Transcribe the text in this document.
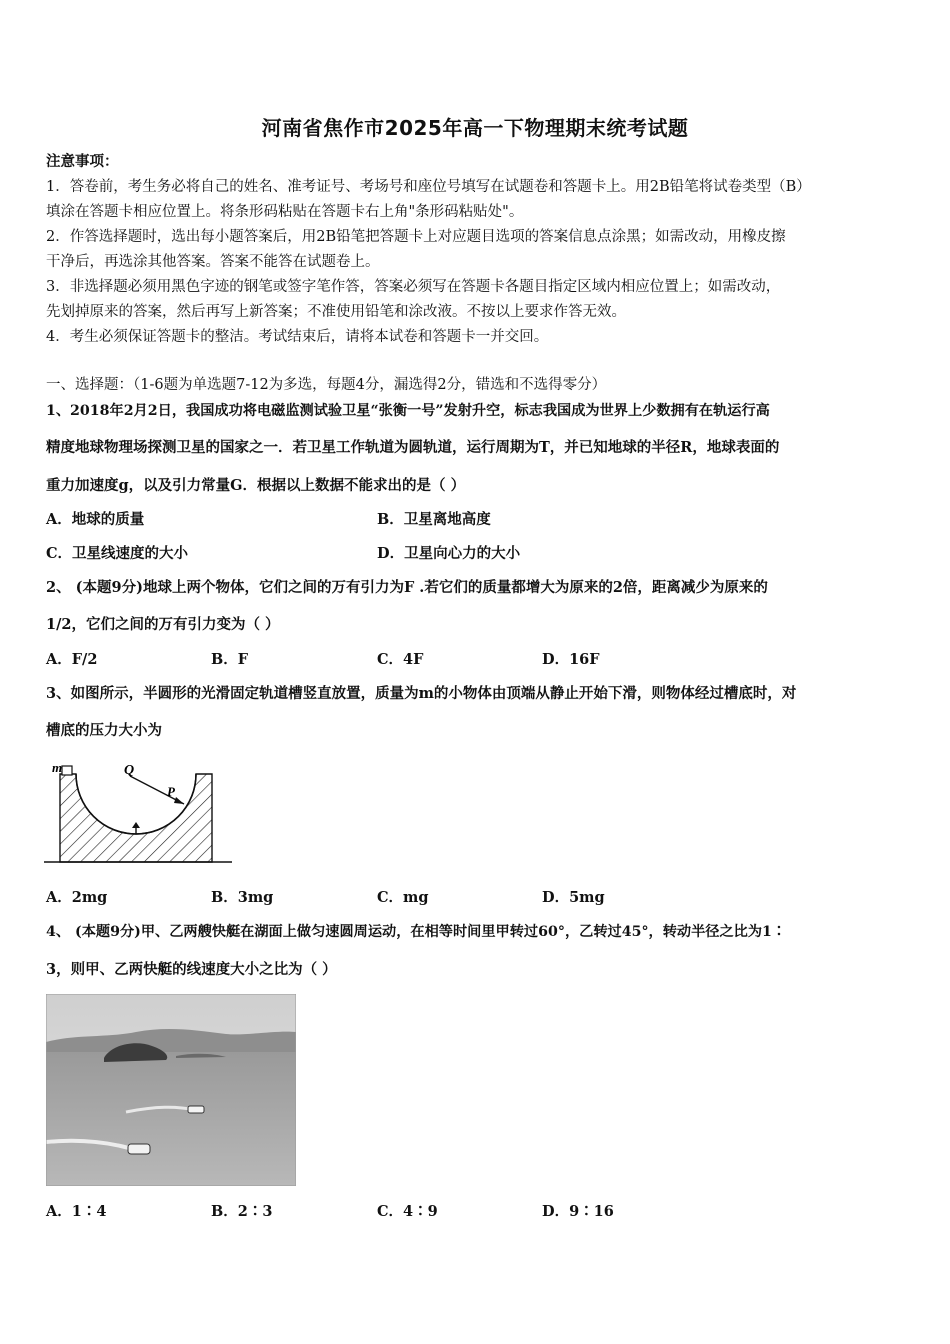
河南省焦作市2025年高一下物理期末统考试题
注意事项：
1．答卷前，考生务必将自己的姓名、准考证号、考场号和座位号填写在试题卷和答题卡上。用2B铅笔将试卷类型（B）
填涂在答题卡相应位置上。将条形码粘贴在答题卡右上角"条形码粘贴处"。
2．作答选择题时，选出每小题答案后，用2B铅笔把答题卡上对应题目选项的答案信息点涂黑；如需改动，用橡皮擦
干净后，再选涂其他答案。答案不能答在试题卷上。
3．非选择题必须用黑色字迹的钢笔或签字笔作答，答案必须写在答题卡各题目指定区域内相应位置上；如需改动，
先划掉原来的答案，然后再写上新答案；不准使用铅笔和涂改液。不按以上要求作答无效。
4．考生必须保证答题卡的整洁。考试结束后，请将本试卷和答题卡一并交回。
一、选择题：（1-6题为单选题7-12为多选，每题4分，漏选得2分，错选和不选得零分）
1、2018年2月2日，我国成功将电磁监测试验卫星“张衡一号”发射升空，标志我国成为世界上少数拥有在轨运行高
精度地球物理场探测卫星的国家之一．若卫星工作轨道为圆轨道，运行周期为T，并已知地球的半径R，地球表面的
重力加速度g，以及引力常量G．根据以上数据不能求出的是（ ）
A．地球的质量	B．卫星离地高度
C．卫星线速度的大小	D．卫星向心力的大小
2、 (本题9分)地球上两个物体，它们之间的万有引力为F .若它们的质量都增大为原来的2倍，距离减少为原来的
1/2，它们之间的万有引力变为（ ）
A．F/2	B．F	C．4F	D．16F
3、如图所示，半圆形的光滑固定轨道槽竖直放置，质量为m的小物体由顶端从静止开始下滑，则物体经过槽底时，对
槽底的压力大小为
m	Q
P
A．2mg	B．3mg	C．mg	D．5mg
4、 (本题9分)甲、乙两艘快艇在湖面上做匀速圆周运动，在相等时间里甲转过60°，乙转过45°，转动半径之比为1∶
3，则甲、乙两快艇的线速度大小之比为（ ）
A．1∶4	B．2∶3	C．4∶9	D．9∶16
